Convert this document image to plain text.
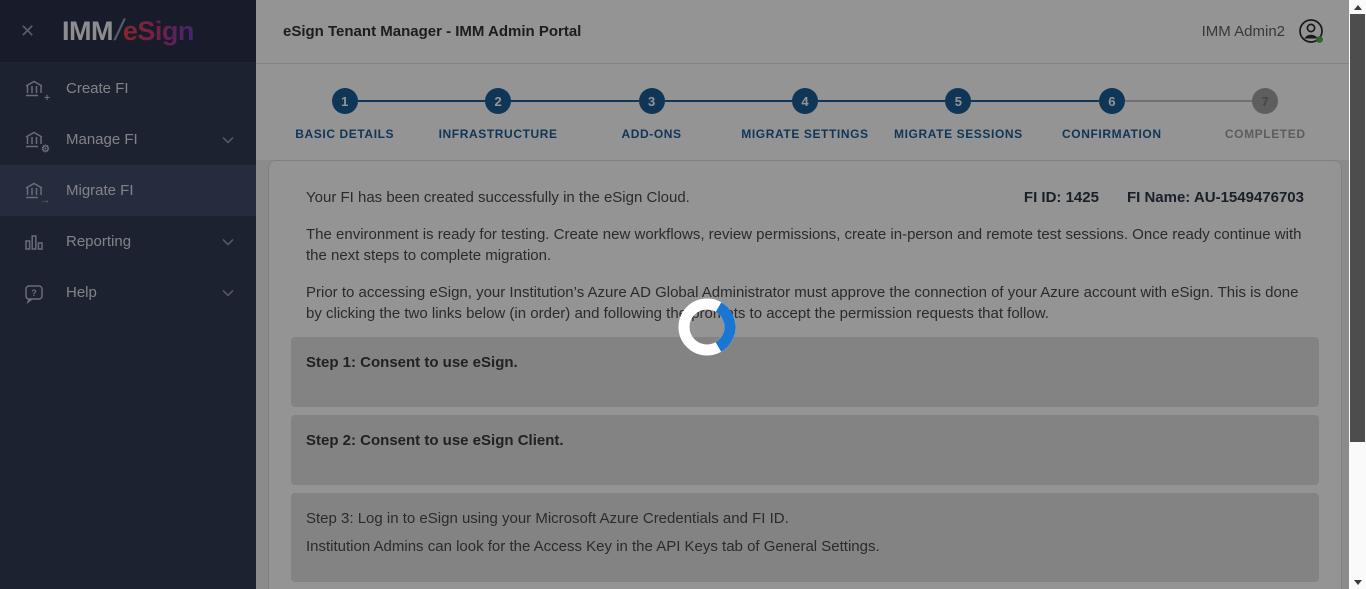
✕ IMM/eSign
+
Create FI
⚙
Manage FI
→
Migrate FI
Reporting
? Help
eSign Tenant Manager - IMM Admin Portal	IMM Admin2
1
BASIC DETAILS
2
INFRASTRUCTURE
3
ADD-ONS
4
MIGRATE SETTINGS
5
MIGRATE SESSIONS
6
CONFIRMATION
7
COMPLETED
Your FI has been created successfully in the eSign Cloud.	FI ID: 1425 FI Name: AU-1549476703

The environment is ready for testing. Create new workflows, review permissions, create in-person and remote test sessions. Once ready continue with the next steps to complete migration.

Prior to accessing eSign, your Institution’s Azure AD Global Administrator must approve the connection of your Azure account with eSign. This is done by clicking the two links below (in order) and following the prompts to accept the permission requests that follow.

Step 1: Consent to use eSign.
Step 2: Consent to use eSign Client.

Step 3: Log in to eSign using your Microsoft Azure Credentials and FI ID.

Institution Admins can look for the Access Key in the API Keys tab of General Settings.
